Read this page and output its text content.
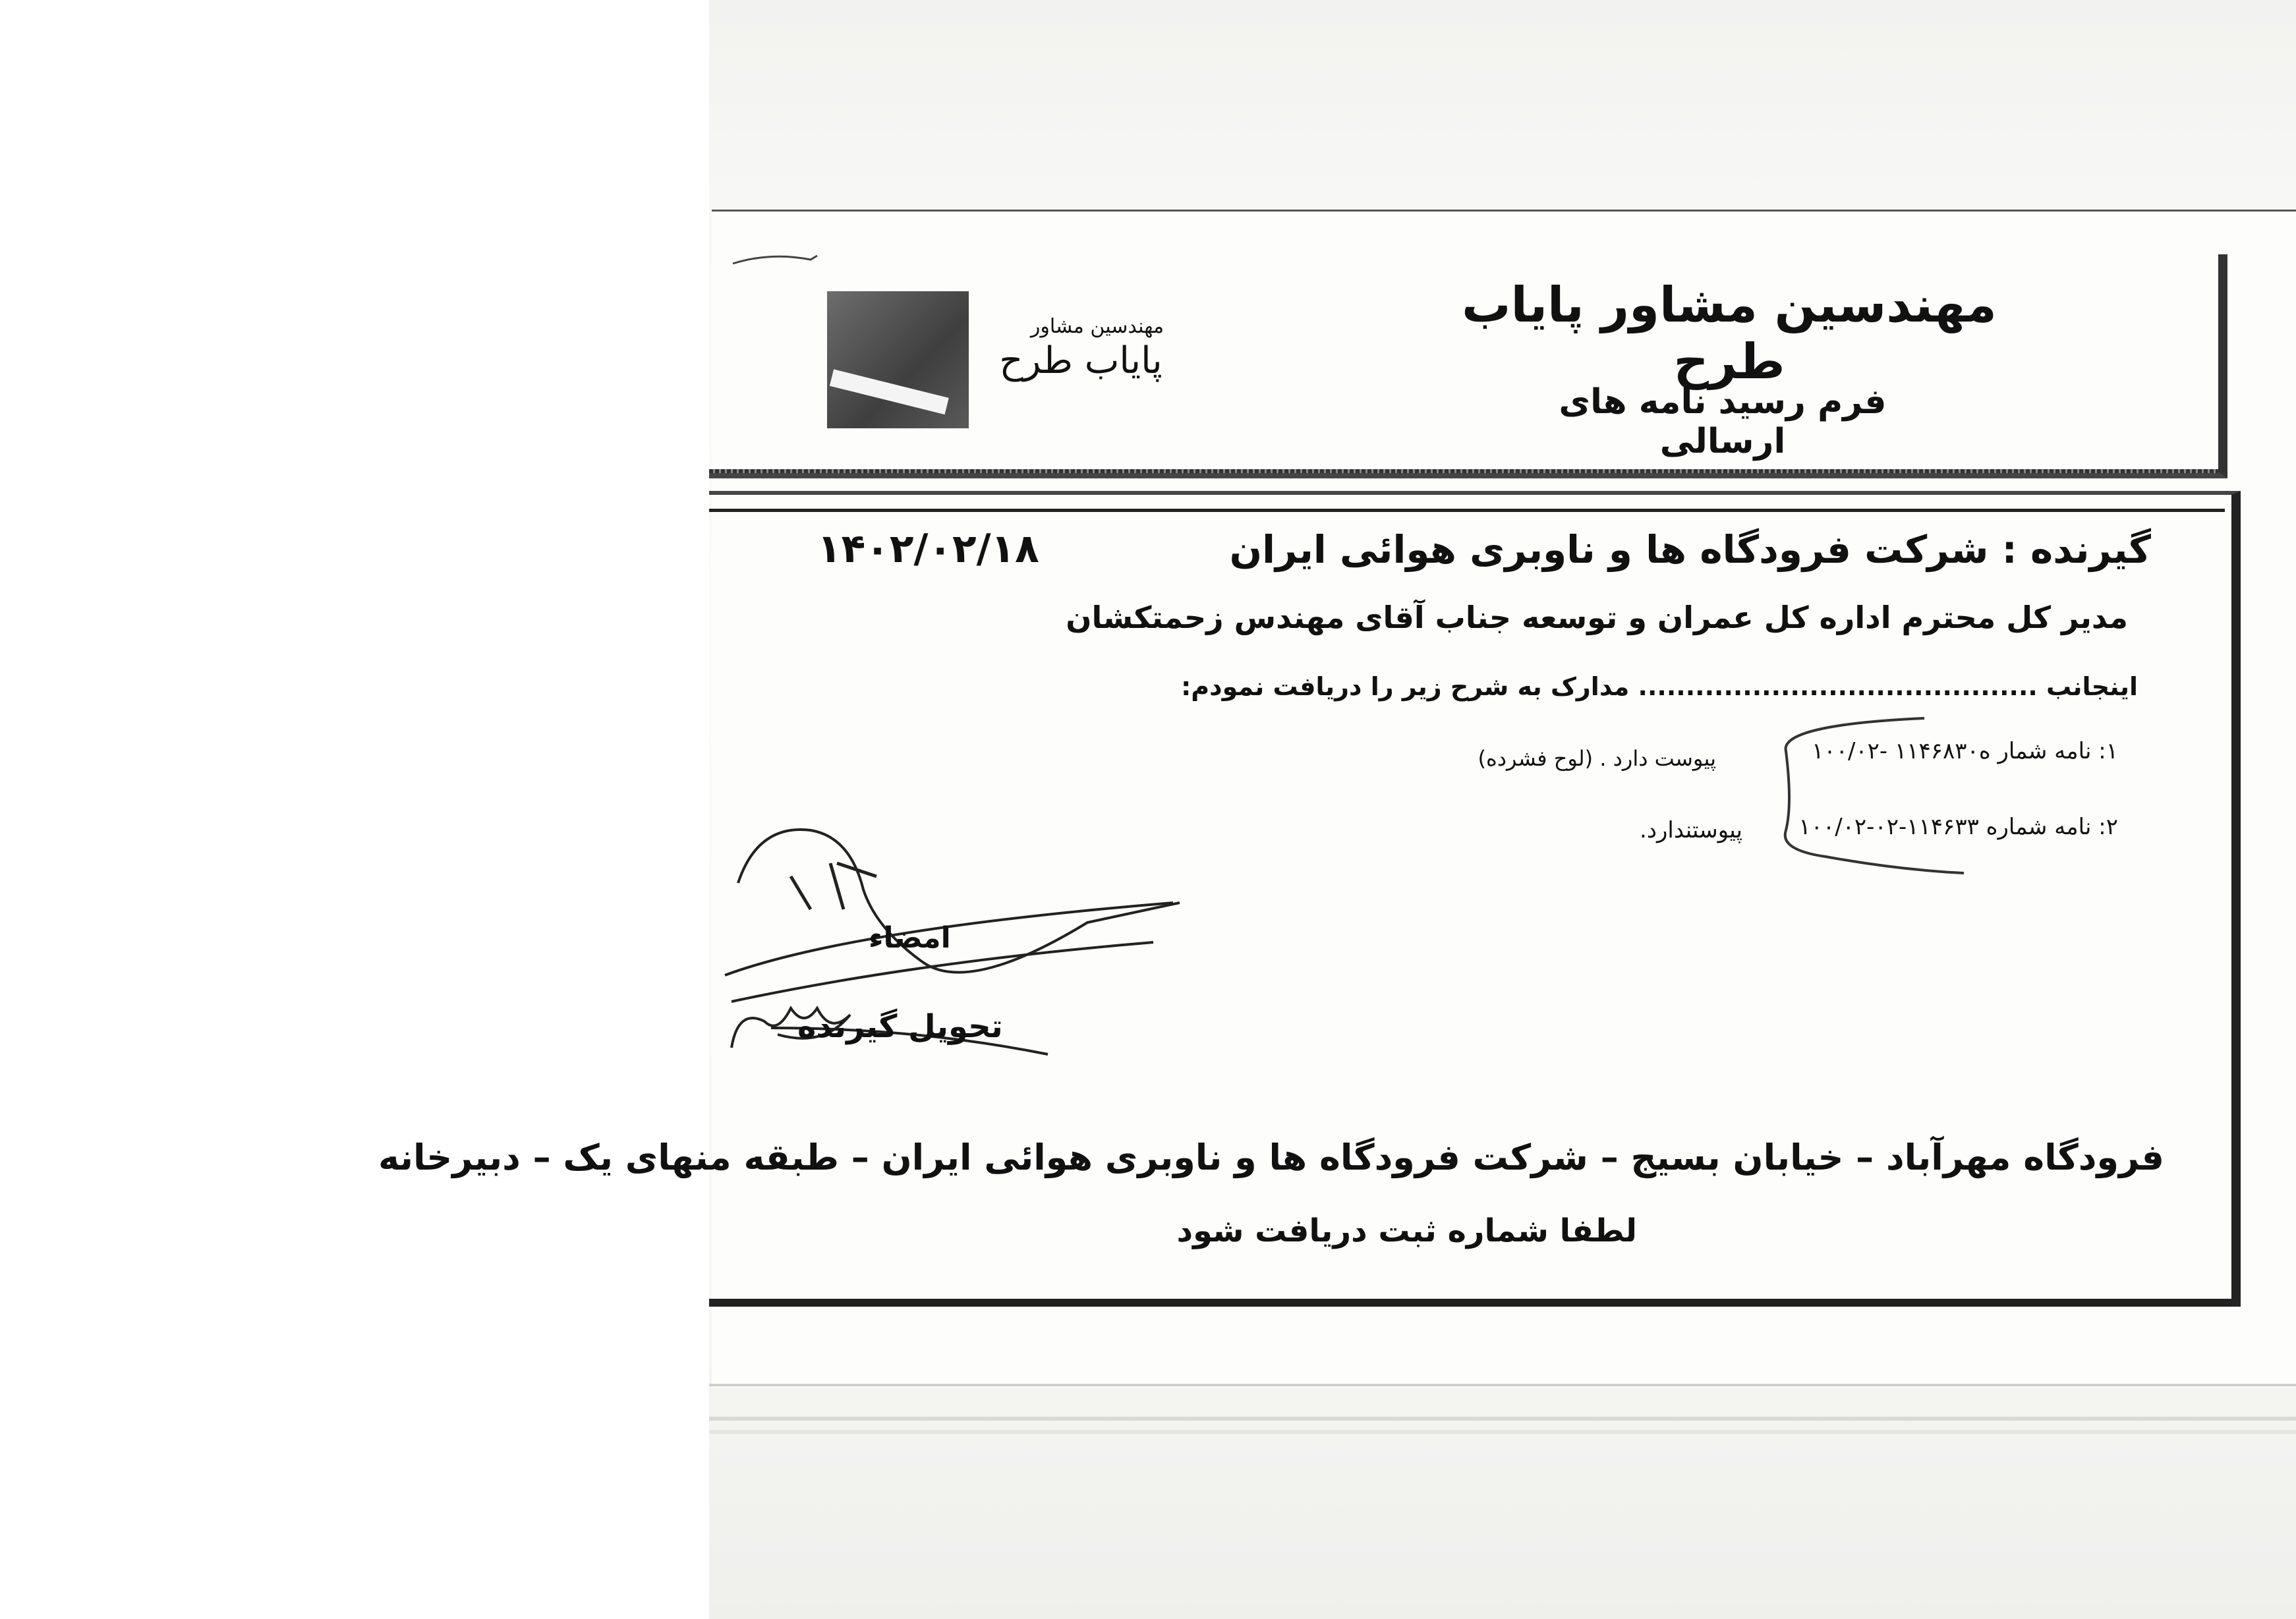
مهندسین مشاور
پایاب طرح
مهندسین مشاور پایاب طرح
فرم رسید نامه های ارسالی
گیرنده : شرکت فرودگاه ها و ناوبری هوائی ایران
۱۴۰۲/۰۲/۱۸
مدیر کل محترم اداره کل عمران و توسعه جناب آقای مهندس زحمتکشان
اینجانب .......................................... مدارک به شرح زیر را دریافت نمودم:
۱: نامه شمار ه۱۱۴۶۸۳۰ -۱۰۰/۰۲
پیوست دارد . (لوح فشرده)
۲: نامه شماره ۱۱۴۶۳۳-۰۲-۱۰۰/۰۲
پیوستندارد.
امضاء
تحویل گیرنده
فرودگاه مهرآباد – خیابان بسیج – شرکت فرودگاه ها و ناوبری هوائی ایران – طبقه منهای یک – دبیرخانه
لطفا شماره ثبت دریافت شود
